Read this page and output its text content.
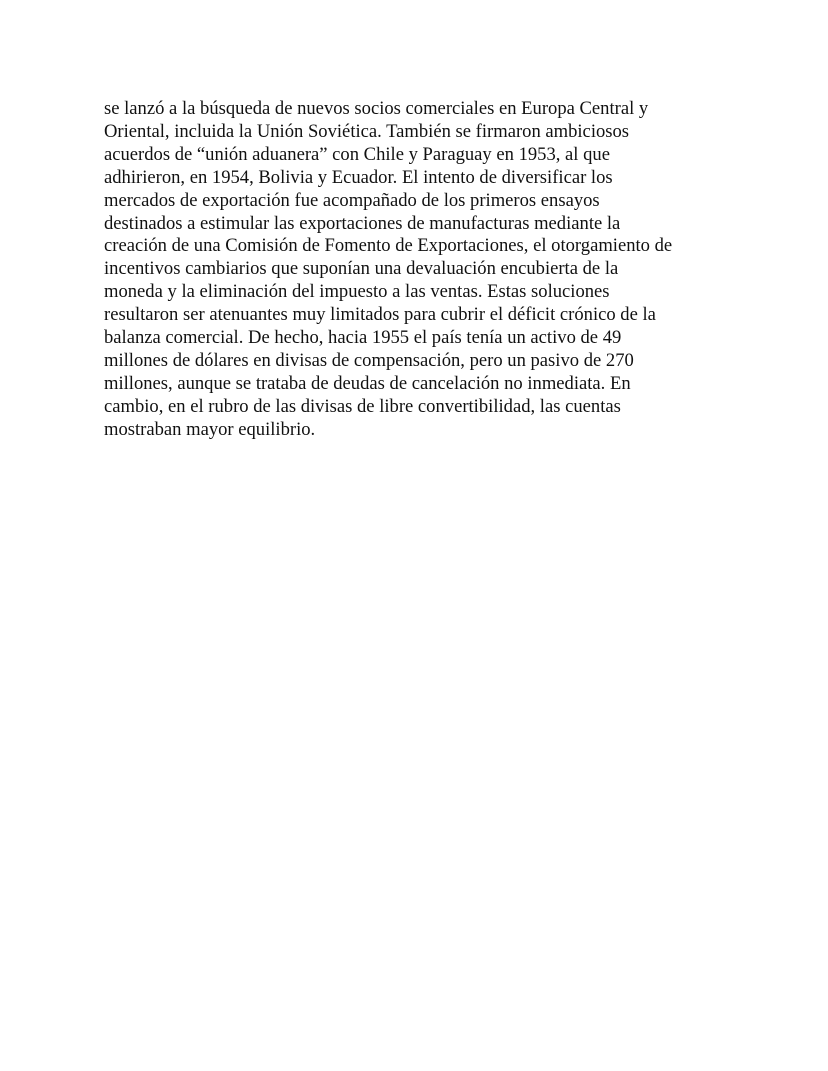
se lanzó a la búsqueda de nuevos socios comerciales en Europa Central y
Oriental, incluida la Unión Soviética. También se firmaron ambiciosos
acuerdos de “unión aduanera” con Chile y Paraguay en 1953, al que
adhirieron, en 1954, Bolivia y Ecuador. El intento de diversificar los
mercados de exportación fue acompañado de los primeros ensayos
destinados a estimular las exportaciones de manufacturas mediante la
creación de una Comisión de Fomento de Exportaciones, el otorgamiento de
incentivos cambiarios que suponían una devaluación encubierta de la
moneda y la eliminación del impuesto a las ventas. Estas soluciones
resultaron ser atenuantes muy limitados para cubrir el déficit crónico de la
balanza comercial. De hecho, hacia 1955 el país tenía un activo de 49
millones de dólares en divisas de compensación, pero un pasivo de 270
millones, aunque se trataba de deudas de cancelación no inmediata. En
cambio, en el rubro de las divisas de libre convertibilidad, las cuentas
mostraban mayor equilibrio.
